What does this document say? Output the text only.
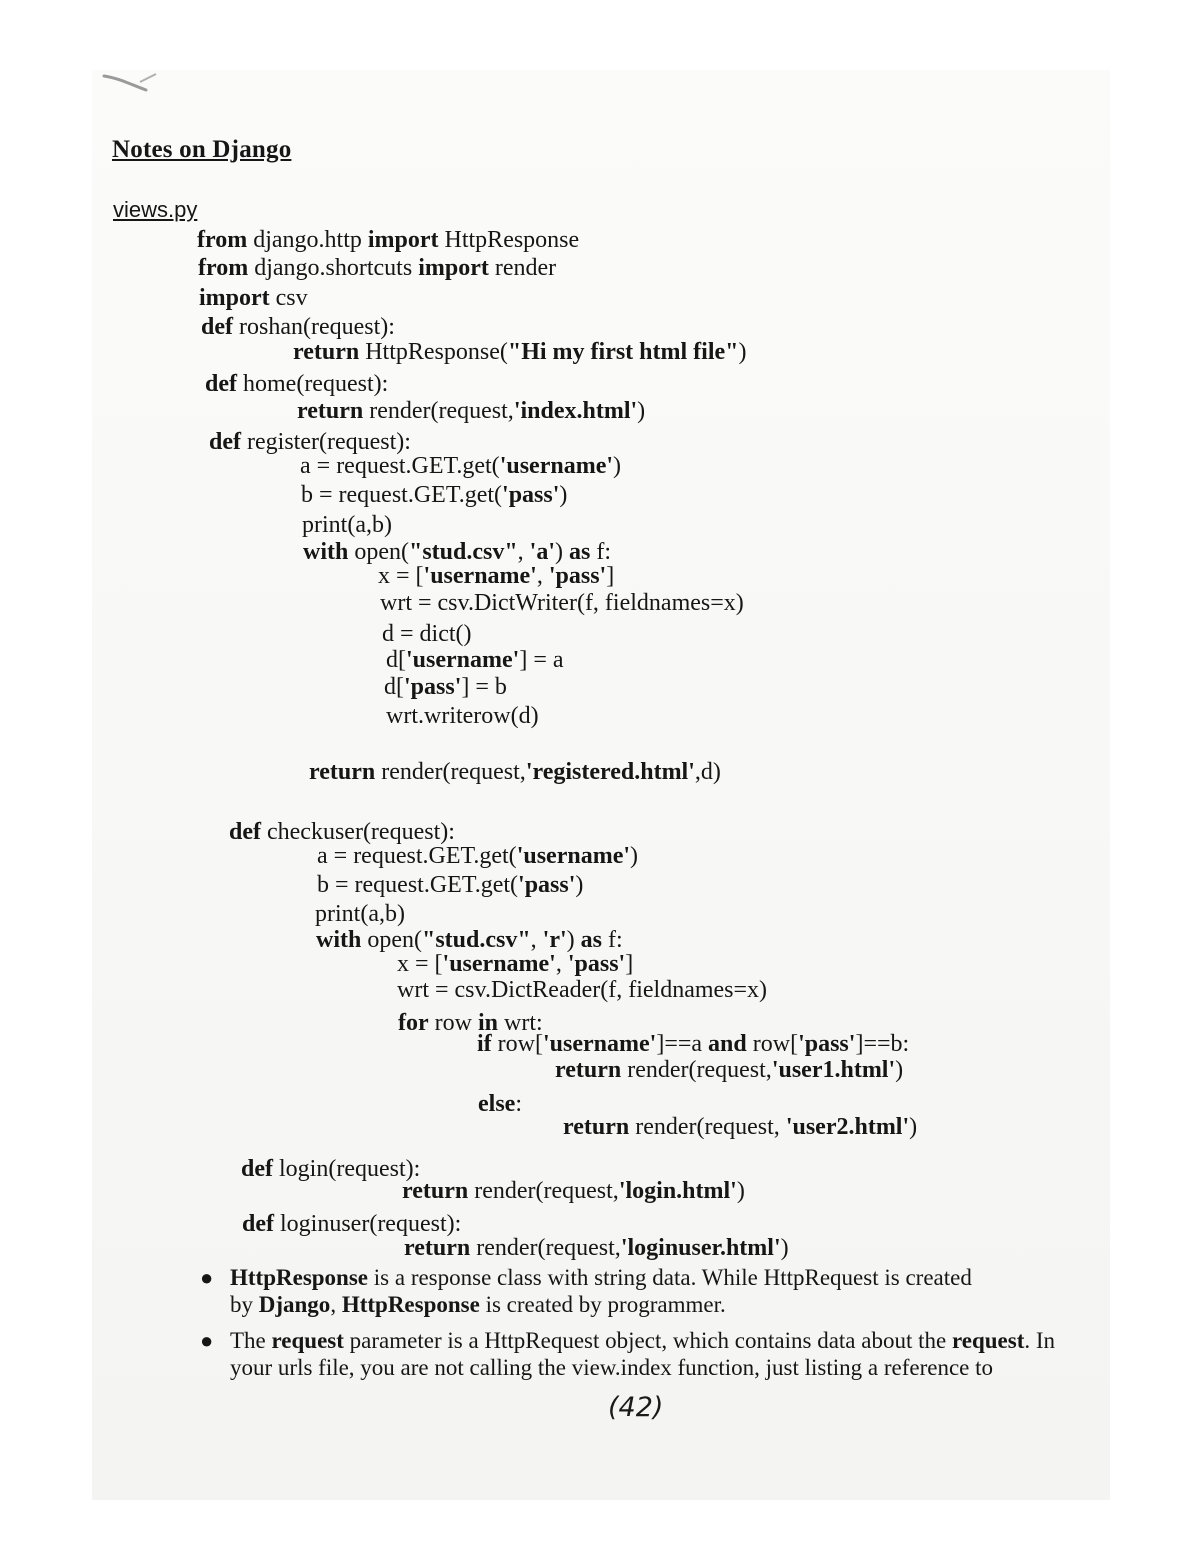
Notes on Django
views.py
from django.http import HttpResponse
from django.shortcuts import render
import csv
def roshan(request):
return HttpResponse("Hi my first html file")
def home(request):
return render(request,'index.html')
def register(request):
a = request.GET.get('username')
b = request.GET.get('pass')
print(a,b)
with open("stud.csv", 'a') as f:
x = ['username', 'pass']
wrt = csv.DictWriter(f, fieldnames=x)
d = dict()
d['username'] = a
d['pass'] = b
wrt.writerow(d)
return render(request,'registered.html',d)
def checkuser(request):
a = request.GET.get('username')
b = request.GET.get('pass')
print(a,b)
with open("stud.csv", 'r') as f:
x = ['username', 'pass']
wrt = csv.DictReader(f, fieldnames=x)
for row in wrt:
if row['username']==a and row['pass']==b:
return render(request,'user1.html')
else:
return render(request, 'user2.html')
def login(request):
return render(request,'login.html')
def loginuser(request):
return render(request,'loginuser.html')
● HttpResponse is a response class with string data. While HttpRequest is created
by Django, HttpResponse is created by programmer.
● The request parameter is a HttpRequest object, which contains data about the request. In
your urls file, you are not calling the view.index function, just listing a reference to
(42)
